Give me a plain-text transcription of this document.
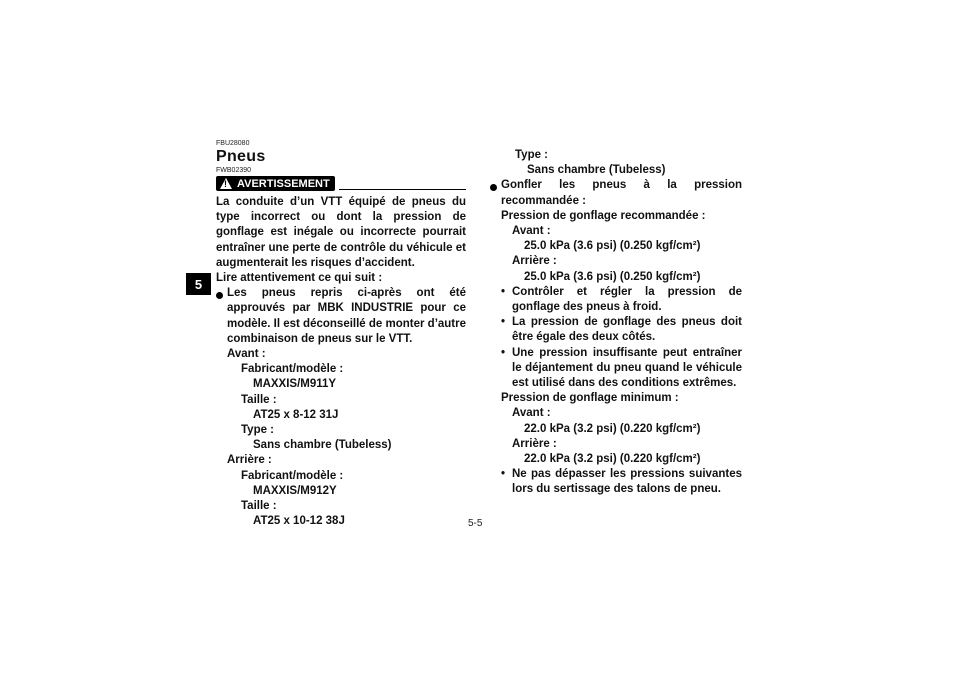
5
FBU28080
Pneus
FWB02390
!
AVERTISSEMENT

La conduite d’un VTT équipé de pneus du type incorrect ou dont la pression de gonflage est inégale ou incorrecte pourrait entraîner une perte de contrôle du véhicule et augmenterait les risques d’accident.

Lire attentivement ce qui suit :

Les pneus repris ci-après ont été approuvés par MBK INDUSTRIE pour ce modèle. Il est déconseillé de monter d’autre combinaison de pneus sur le VTT.

Avant :

Fabricant/modèle :

MAXXIS/M911Y

Taille :

AT25 x 8-12 31J

Type :

Sans chambre (Tubeless)

Arrière :

Fabricant/modèle :

MAXXIS/M912Y

Taille :

AT25 x 10-12 38J

Type :

Sans chambre (Tubeless)

Gonfler les pneus à la pression

recommandée :

Pression de gonflage recommandée :

Avant :

25.0 kPa (3.6 psi) (0.250 kgf/cm²)

Arrière :

25.0 kPa (3.6 psi) (0.250 kgf/cm²)

• Contrôler et régler la pression de gonflage des pneus à froid.

• La pression de gonflage des pneus doit être égale des deux côtés.

• Une pression insuffisante peut entraîner le déjantement du pneu quand le véhicule est utilisé dans des conditions extrêmes.

Pression de gonflage minimum :

Avant :

22.0 kPa (3.2 psi) (0.220 kgf/cm²)

Arrière :

22.0 kPa (3.2 psi) (0.220 kgf/cm²)

• Ne pas dépasser les pressions suivantes lors du sertissage des talons de pneu.

5-5
